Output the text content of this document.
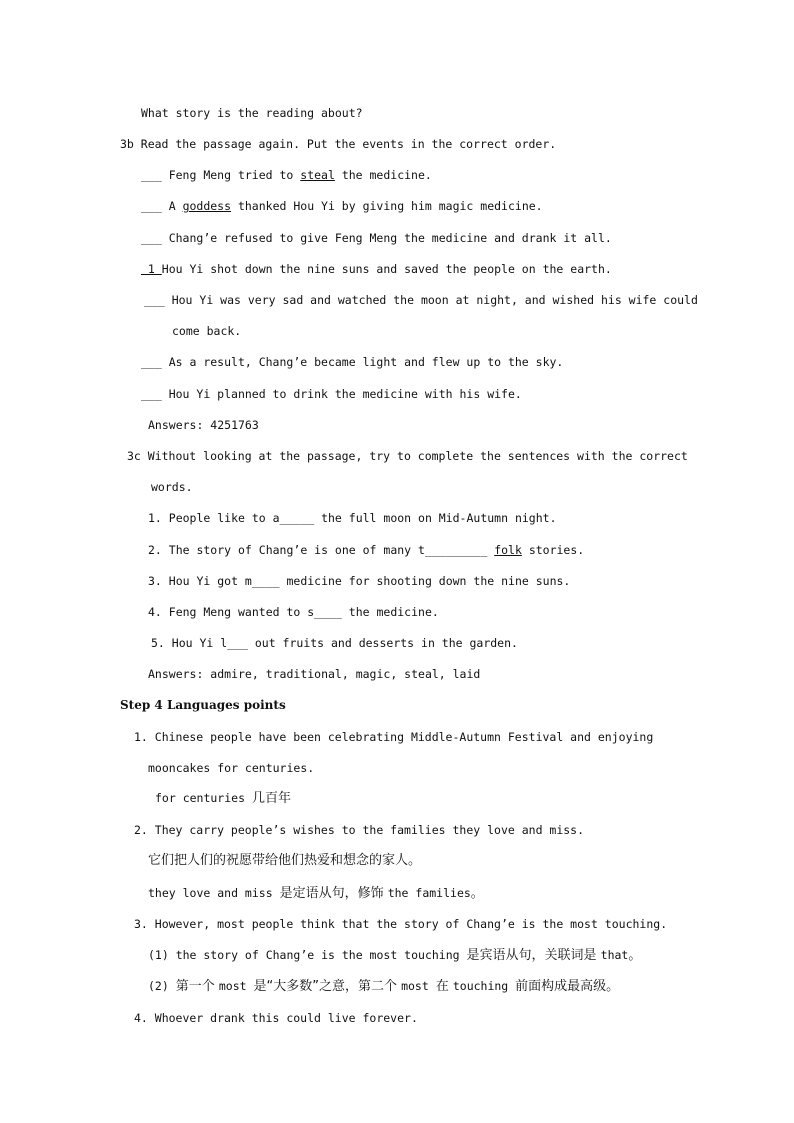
What story is the reading about?
3b Read the passage again. Put the events in the correct order.
___ Feng Meng tried to steal the medicine.
___ A goddess thanked Hou Yi by giving him magic medicine.
___ Chang’e refused to give Feng Meng the medicine and drank it all.
1 Hou Yi shot down the nine suns and saved the people on the earth.
___ Hou Yi was very sad and watched the moon at night, and wished his wife could
come back.
___ As a result, Chang’e became light and flew up to the sky.
___ Hou Yi planned to drink the medicine with his wife.
Answers: 4251763
3c Without looking at the passage, try to complete the sentences with the correct
words.
1. People like to a_____ the full moon on Mid-Autumn night.
2. The story of Chang’e is one of many t_________ folk stories.
3. Hou Yi got m____ medicine for shooting down the nine suns.
4. Feng Meng wanted to s____ the medicine.
5. Hou Yi l___ out fruits and desserts in the garden.
Answers: admire, traditional, magic, steal, laid
Step 4 Languages points
1. Chinese people have been celebrating Middle-Autumn Festival and enjoying
mooncakes for centuries.
for centuries 几百年
2. They carry people’s wishes to the families they love and miss.
它们把人们的祝愿带给他们热爱和想念的家人。
they love and miss 是定语从句，修饰 the families。
3. However, most people think that the story of Chang’e is the most touching.
(1) the story of Chang’e is the most touching 是宾语从句，关联词是 that。
(2) 第一个 most 是“大多数”之意，第二个 most 在 touching 前面构成最高级。
4. Whoever drank this could live forever.
